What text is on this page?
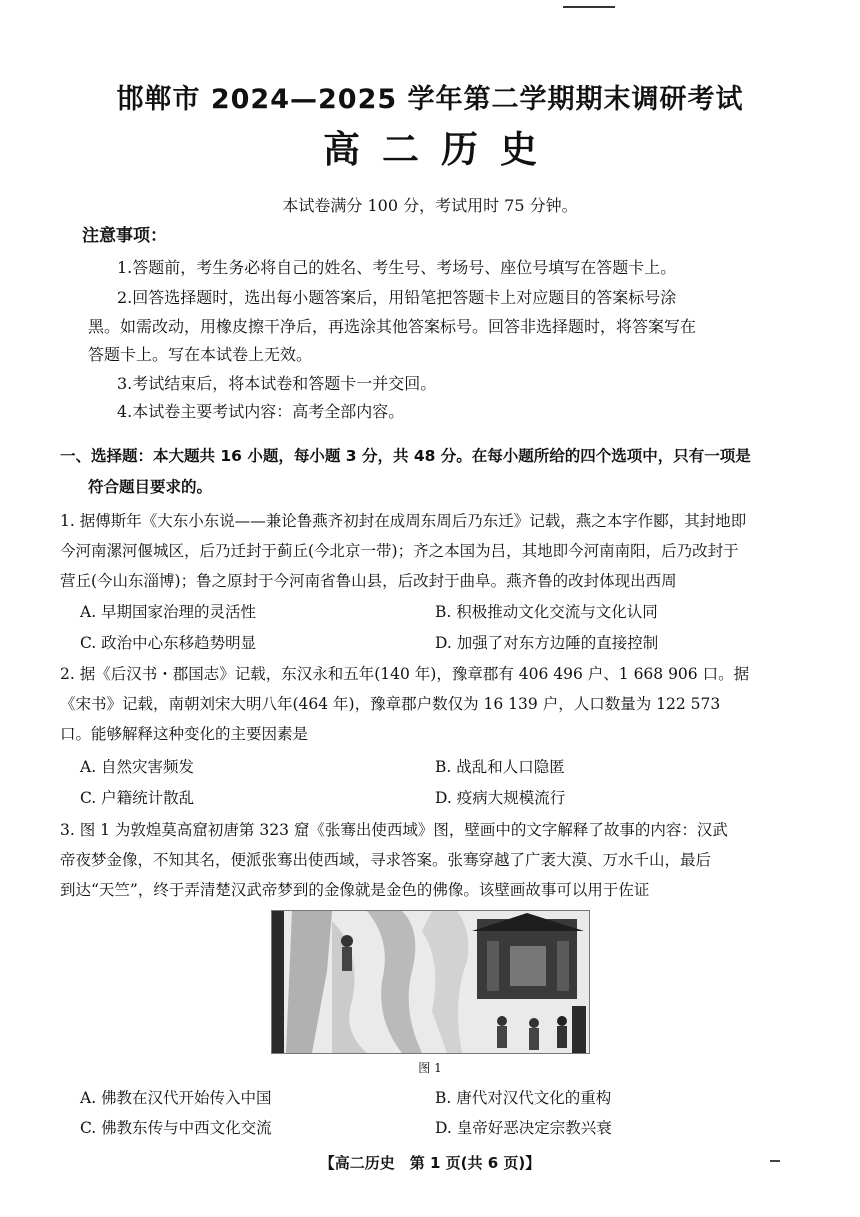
邯郸市 2024—2025 学年第二学期期末调研考试
高二历史
本试卷满分 100 分，考试用时 75 分钟。
注意事项：
1.答题前，考生务必将自己的姓名、考生号、考场号、座位号填写在答题卡上。
2.回答选择题时，选出每小题答案后，用铅笔把答题卡上对应题目的答案标号涂
黑。如需改动，用橡皮擦干净后，再选涂其他答案标号。回答非选择题时，将答案写在
答题卡上。写在本试卷上无效。
3.考试结束后，将本试卷和答题卡一并交回。
4.本试卷主要考试内容：高考全部内容。
一、选择题：本大题共 16 小题，每小题 3 分，共 48 分。在每小题所给的四个选项中，只有一项是
符合题目要求的。
1. 据傅斯年《大东小东说——兼论鲁燕齐初封在成周东周后乃东迁》记载，燕之本字作郾，其封地即
今河南漯河偃城区，后乃迁封于蓟丘(今北京一带)；齐之本国为吕，其地即今河南南阳，后乃改封于
营丘(今山东淄博)；鲁之原封于今河南省鲁山县，后改封于曲阜。燕齐鲁的改封体现出西周
A. 早期国家治理的灵活性	B. 积极推动文化交流与文化认同
C. 政治中心东移趋势明显	D. 加强了对东方边陲的直接控制
2. 据《后汉书・郡国志》记载，东汉永和五年(140 年)，豫章郡有 406 496 户、1 668 906 口。据
《宋书》记载，南朝刘宋大明八年(464 年)，豫章郡户数仅为 16 139 户，人口数量为 122 573
口。能够解释这种变化的主要因素是
A. 自然灾害频发	B. 战乱和人口隐匿
C. 户籍统计散乱	D. 疫病大规模流行
3. 图 1 为敦煌莫高窟初唐第 323 窟《张骞出使西域》图，壁画中的文字解释了故事的内容：汉武
帝夜梦金像，不知其名，便派张骞出使西域，寻求答案。张骞穿越了广袤大漠、万水千山，最后
到达“天竺”，终于弄清楚汉武帝梦到的金像就是金色的佛像。该壁画故事可以用于佐证
图 1
A. 佛教在汉代开始传入中国	B. 唐代对汉代文化的重构
C. 佛教东传与中西文化交流	D. 皇帝好恶决定宗教兴衰
【高二历史　第 1 页(共 6 页)】
